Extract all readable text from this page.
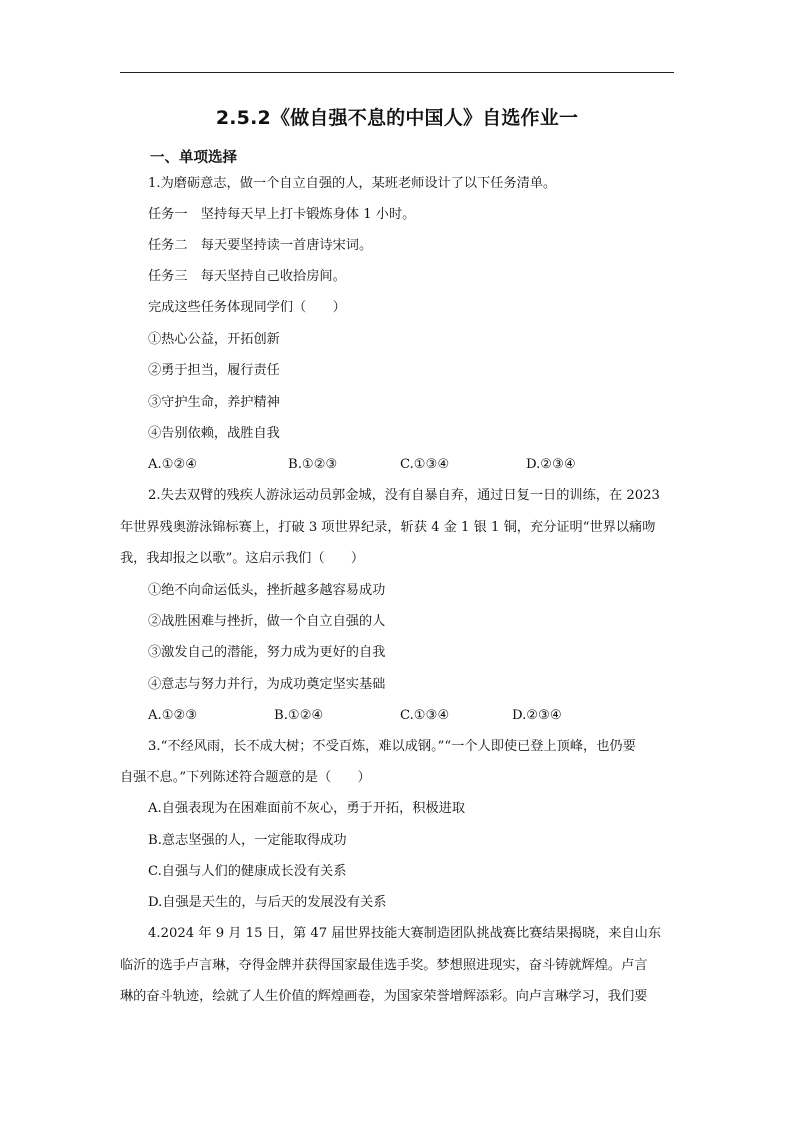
2.5.2《做自强不息的中国人》自选作业一
一、单项选择
1.为磨砺意志，做一个自立自强的人，某班老师设计了以下任务清单。
任务一　坚持每天早上打卡锻炼身体 1 小时。
任务二　每天要坚持读一首唐诗宋词。
任务三　每天坚持自己收拾房间。
完成这些任务体现同学们（　　）
①热心公益，开拓创新
②勇于担当，履行责任
③守护生命，养护精神
④告别依赖，战胜自我
A.①②④	B.①②③	C.①③④	D.②③④
2.失去双臂的残疾人游泳运动员郭金城，没有自暴自弃，通过日复一日的训练，在 2023
年世界残奥游泳锦标赛上，打破 3 项世界纪录，斩获 4 金 1 银 1 铜，充分证明“世界以痛吻
我，我却报之以歌”。这启示我们（　　）
①绝不向命运低头，挫折越多越容易成功
②战胜困难与挫折，做一个自立自强的人
③激发自己的潜能，努力成为更好的自我
④意志与努力并行，为成功奠定坚实基础
A.①②③	B.①②④	C.①③④	D.②③④
3.“不经风雨，长不成大树；不受百炼，难以成钢。”“一个人即使已登上顶峰，也仍要
自强不息。”下列陈述符合题意的是（　　）
A.自强表现为在困难面前不灰心，勇于开拓，积极进取
B.意志坚强的人，一定能取得成功
C.自强与人们的健康成长没有关系
D.自强是天生的，与后天的发展没有关系
4.2024 年 9 月 15 日，第 47 届世界技能大赛制造团队挑战赛比赛结果揭晓，来自山东
临沂的选手卢言琳，夺得金牌并获得国家最佳选手奖。梦想照进现实，奋斗铸就辉煌。卢言
琳的奋斗轨迹，绘就了人生价值的辉煌画卷，为国家荣誉增辉添彩。向卢言琳学习，我们要
